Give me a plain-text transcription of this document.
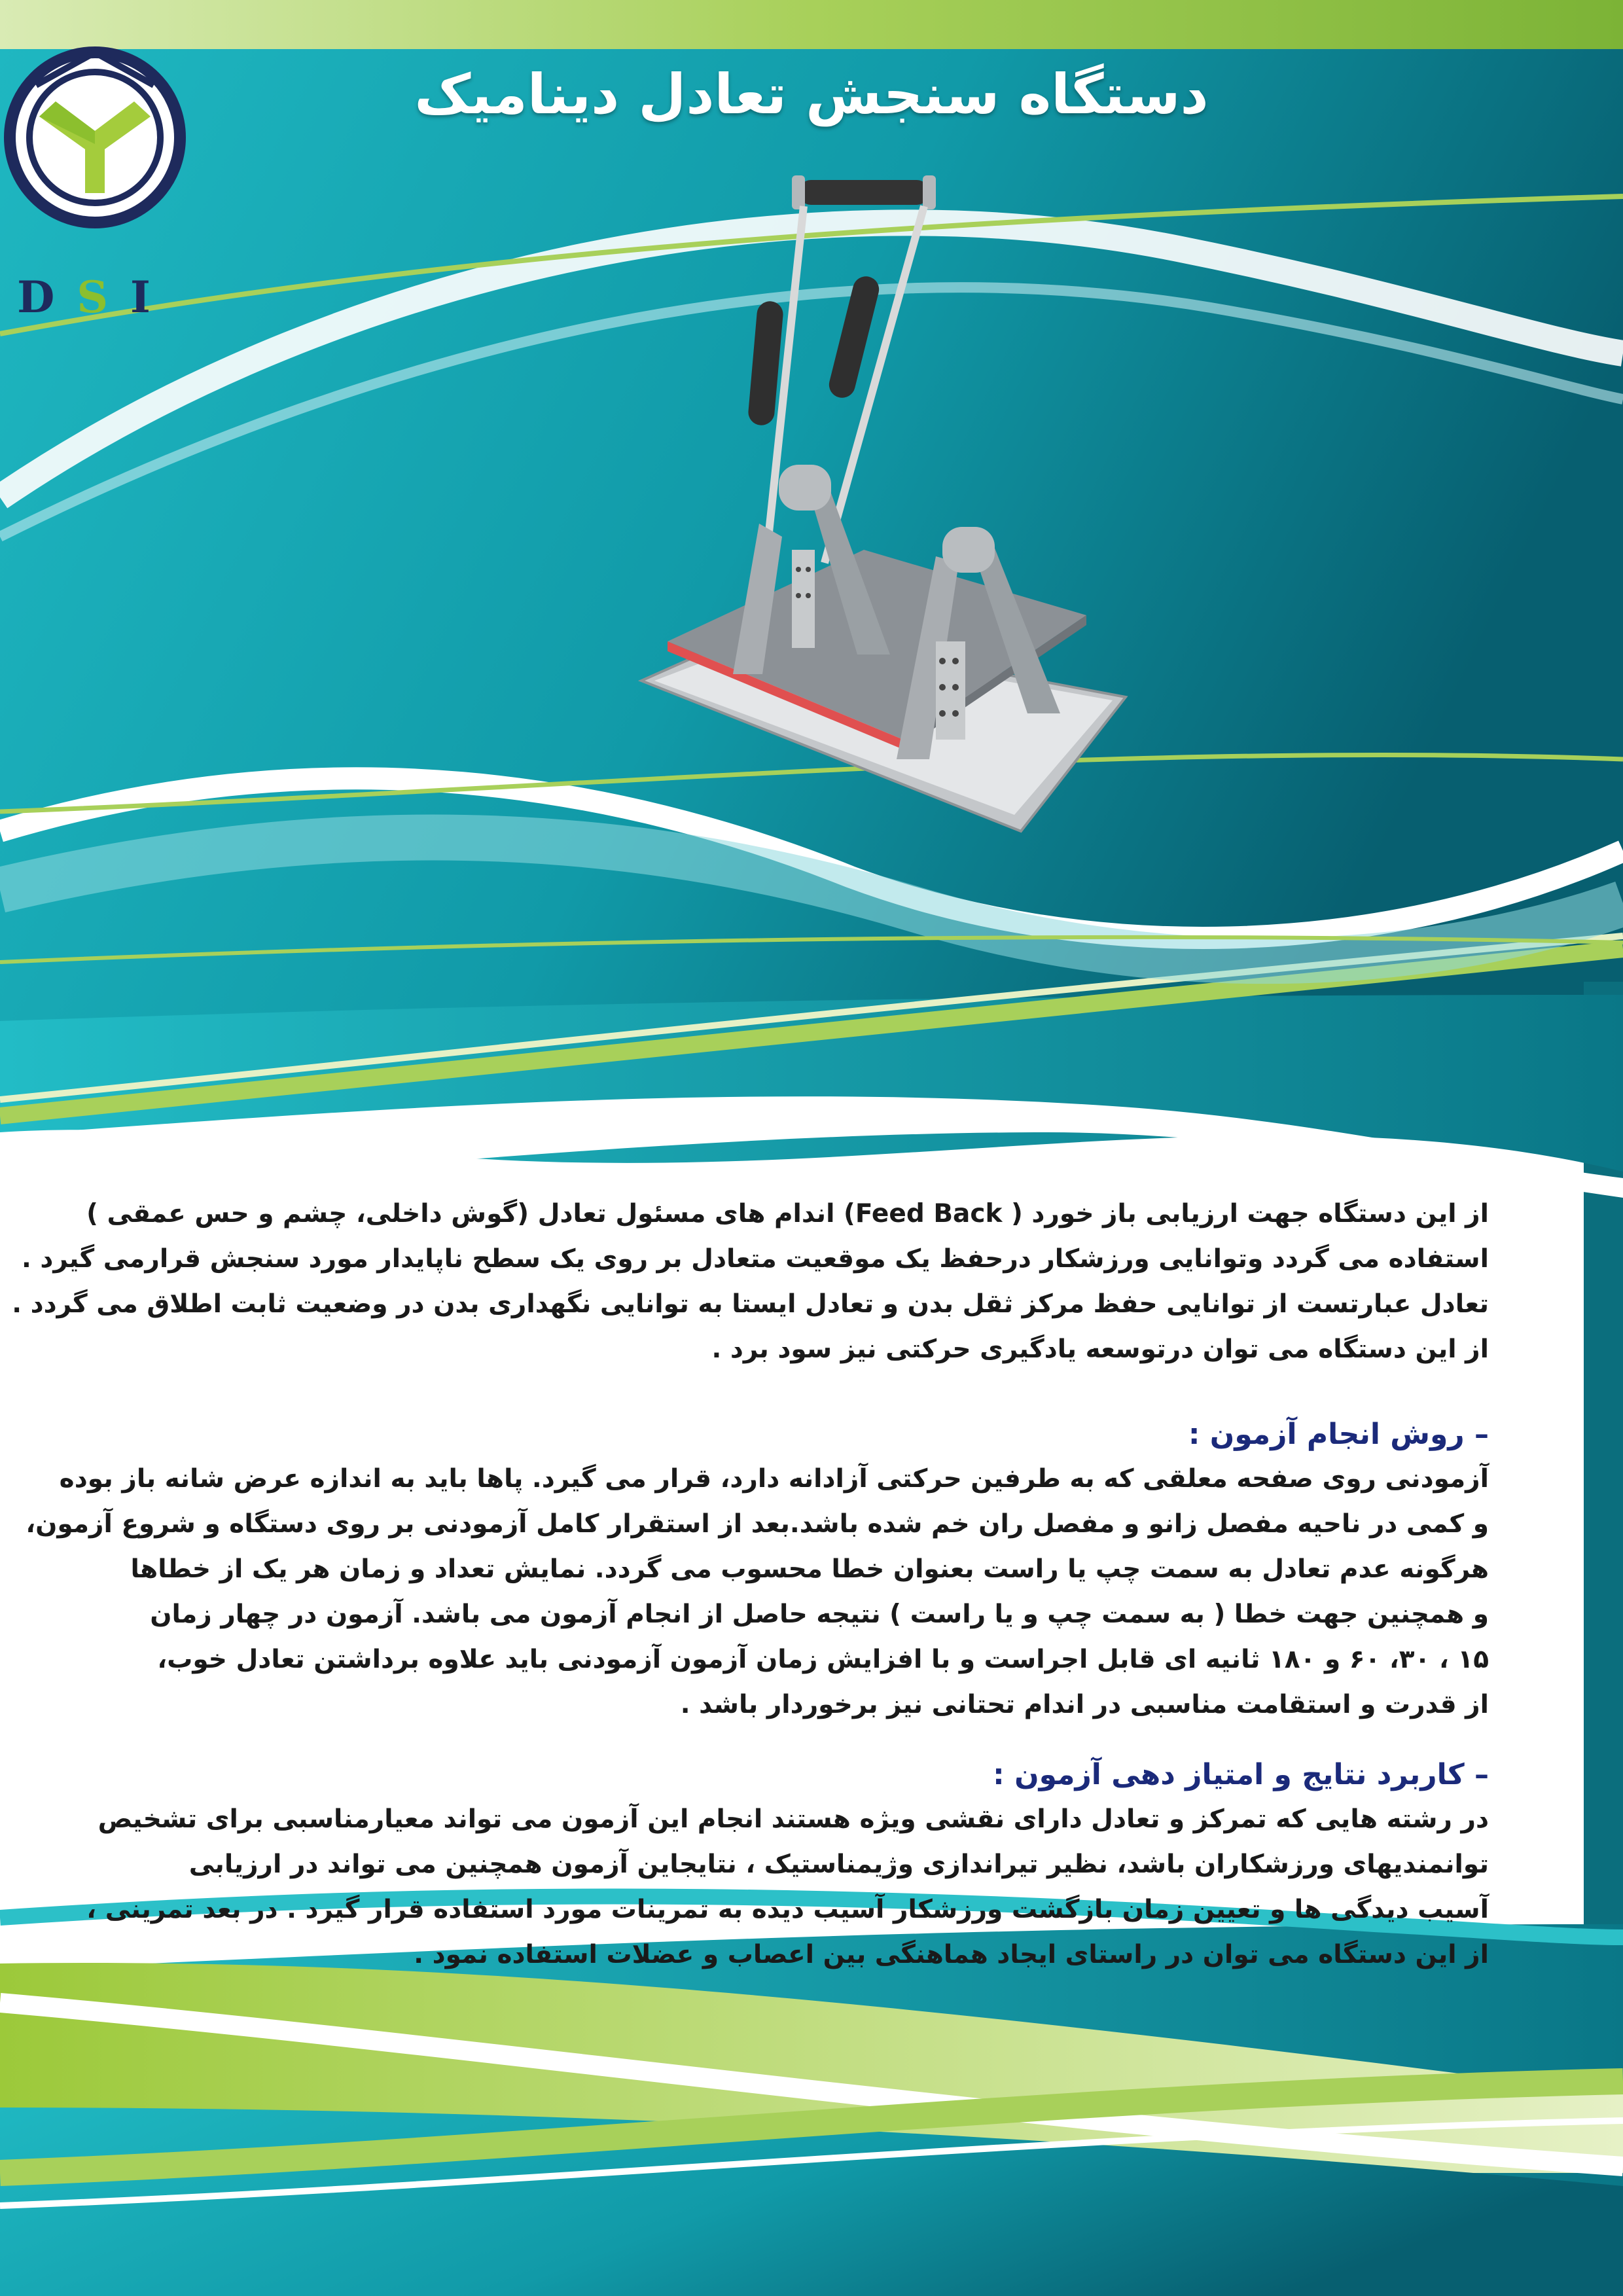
DSI
دستگاه سنجش تعادل دینامیک
از این دستگاه جهت ارزیابی باز خورد ( Feed Back) اندام های مسئول تعادل (گوش داخلی، چشم و حس عمقی )
استفاده می گردد وتوانایی ورزشکار درحفظ یک موقعیت متعادل بر روی یک سطح ناپایدار مورد سنجش قرارمی گیرد .
تعادل عبارتست از توانایی حفظ مرکز ثقل بدن و تعادل ایستا به توانایی نگهداری بدن در وضعیت ثابت اطلاق می گردد .
از این دستگاه می توان درتوسعه یادگیری حرکتی نیز سود برد .
– روش انجام آزمون :
آزمودنی روی صفحه معلقی که به طرفین حرکتی آزادانه دارد، قرار می گیرد. پاها باید به اندازه عرض شانه باز بوده
و کمی در ناحیه مفصل زانو و مفصل ران خم شده باشد.بعد از استقرار کامل آزمودنی بر روی دستگاه و شروع آزمون،
هرگونه عدم تعادل به سمت چپ یا راست بعنوان خطا محسوب می گردد. نمایش تعداد و زمان هر یک از خطاها
و همچنین جهت خطا ( به سمت چپ و یا راست ) نتیجه حاصل از انجام آزمون می باشد. آزمون در چهار زمان
۱۵ ، ۳۰، ۶۰ و ۱۸۰ ثانیه ای قابل اجراست و با افزایش زمان آزمون آزمودنی باید علاوه برداشتن تعادل خوب،
از قدرت و استقامت مناسبی در اندام تحتانی نیز برخوردار باشد .
– کاربرد نتایج و امتیاز دهی آزمون :
در رشته هایی که تمرکز و تعادل دارای نقشی ویژه هستند انجام این آزمون می تواند معیارمناسبی برای تشخیص
توانمندیهای ورزشکاران باشد، نظیر تیراندازی وژیمناستیک ، نتایجاین آزمون همچنین می تواند در ارزیابی
آسیب دیدگی ها و تعیین زمان بازگشت ورزشکار آسیب دیده به تمرینات مورد استفاده قرار گیرد . در بعد تمرینی ،
از این دستگاه می توان در راستای ایجاد هماهنگی بین اعصاب و عضلات استفاده نمود .
